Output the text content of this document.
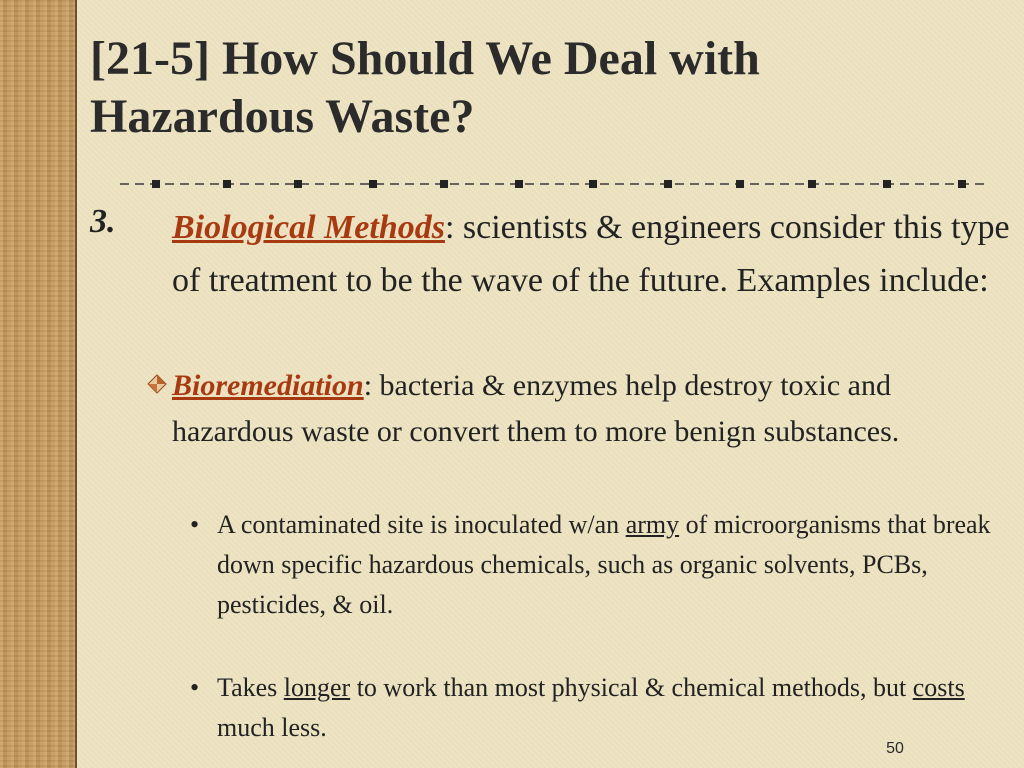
[21-5] How Should We Deal with
Hazardous Waste?
3.	Biological Methods: scientists & engineers consider this type of treatment to be the wave of the future. Examples include:
Bioremediation: bacteria & enzymes help destroy toxic and hazardous waste or convert them to more benign substances.
• A contaminated site is inoculated w/an army of microorganisms that break down specific hazardous chemicals, such as organic solvents, PCBs, pesticides, & oil.
• Takes longer to work than most physical & chemical methods, but costs much less.
50
